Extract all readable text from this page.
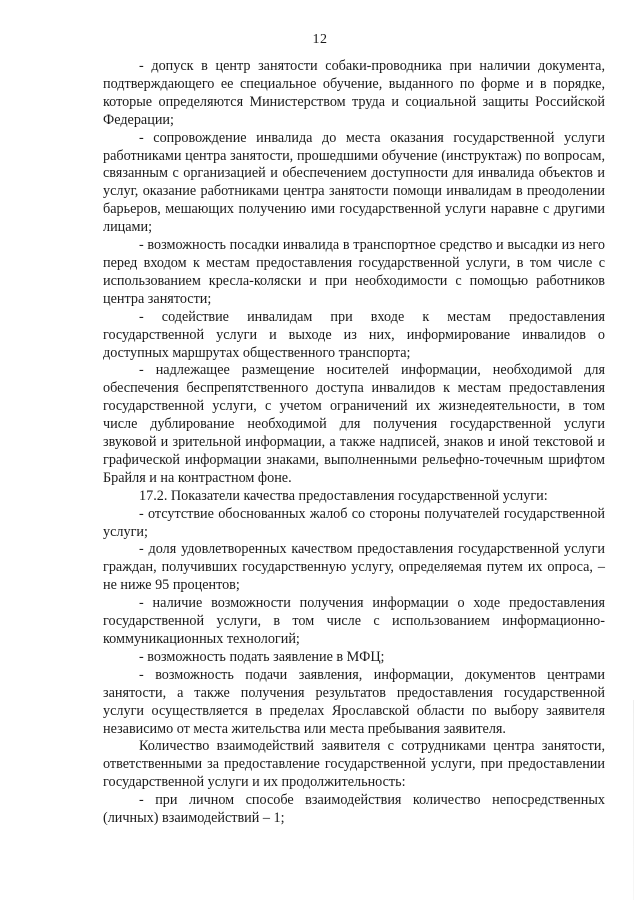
12

- допуск в центр занятости собаки-проводника при наличии документа, подтверждающего ее специальное обучение, выданного по форме и в порядке, которые определяются Министерством труда и социальной защиты Российской Федерации;

- сопровождение инвалида до места оказания государственной услуги работниками центра занятости, прошедшими обучение (инструктаж) по вопросам, связанным с организацией и обеспечением доступности для инвалида объектов и услуг, оказание работниками центра занятости помощи инвалидам в преодолении барьеров, мешающих получению ими государственной услуги наравне с другими лицами;

- возможность посадки инвалида в транспортное средство и высадки из него перед входом к местам предоставления государственной услуги, в том числе с использованием кресла-коляски и при необходимости с помощью работников центра занятости;

- содействие инвалидам при входе к местам предоставления государственной услуги и выходе из них, информирование инвалидов о доступных маршрутах общественного транспорта;

- надлежащее размещение носителей информации, необходимой для обеспечения беспрепятственного доступа инвалидов к местам предоставления государственной услуги, с учетом ограничений их жизнедеятельности, в том числе дублирование необходимой для получения государственной услуги звуковой и зрительной информации, а также надписей, знаков и иной текстовой и графической информации знаками, выполненными рельефно-точечным шрифтом Брайля и на контрастном фоне.

17.2. Показатели качества предоставления государственной услуги:

- отсутствие обоснованных жалоб со стороны получателей государственной услуги;

- доля удовлетворенных качеством предоставления государственной услуги граждан, получивших государственную услугу, определяемая путем их опроса, – не ниже 95 процентов;

- наличие возможности получения информации о ходе предоставления государственной услуги, в том числе с использованием информационно-коммуникационных технологий;

- возможность подать заявление в МФЦ;

- возможность подачи заявления, информации, документов центрами занятости, а также получения результатов предоставления государственной услуги осуществляется в пределах Ярославской области по выбору заявителя независимо от места жительства или места пребывания заявителя.

Количество взаимодействий заявителя с сотрудниками центра занятости, ответственными за предоставление государственной услуги, при предоставлении государственной услуги и их продолжительность:

- при личном способе взаимодействия количество непосредственных (личных) взаимодействий – 1;
